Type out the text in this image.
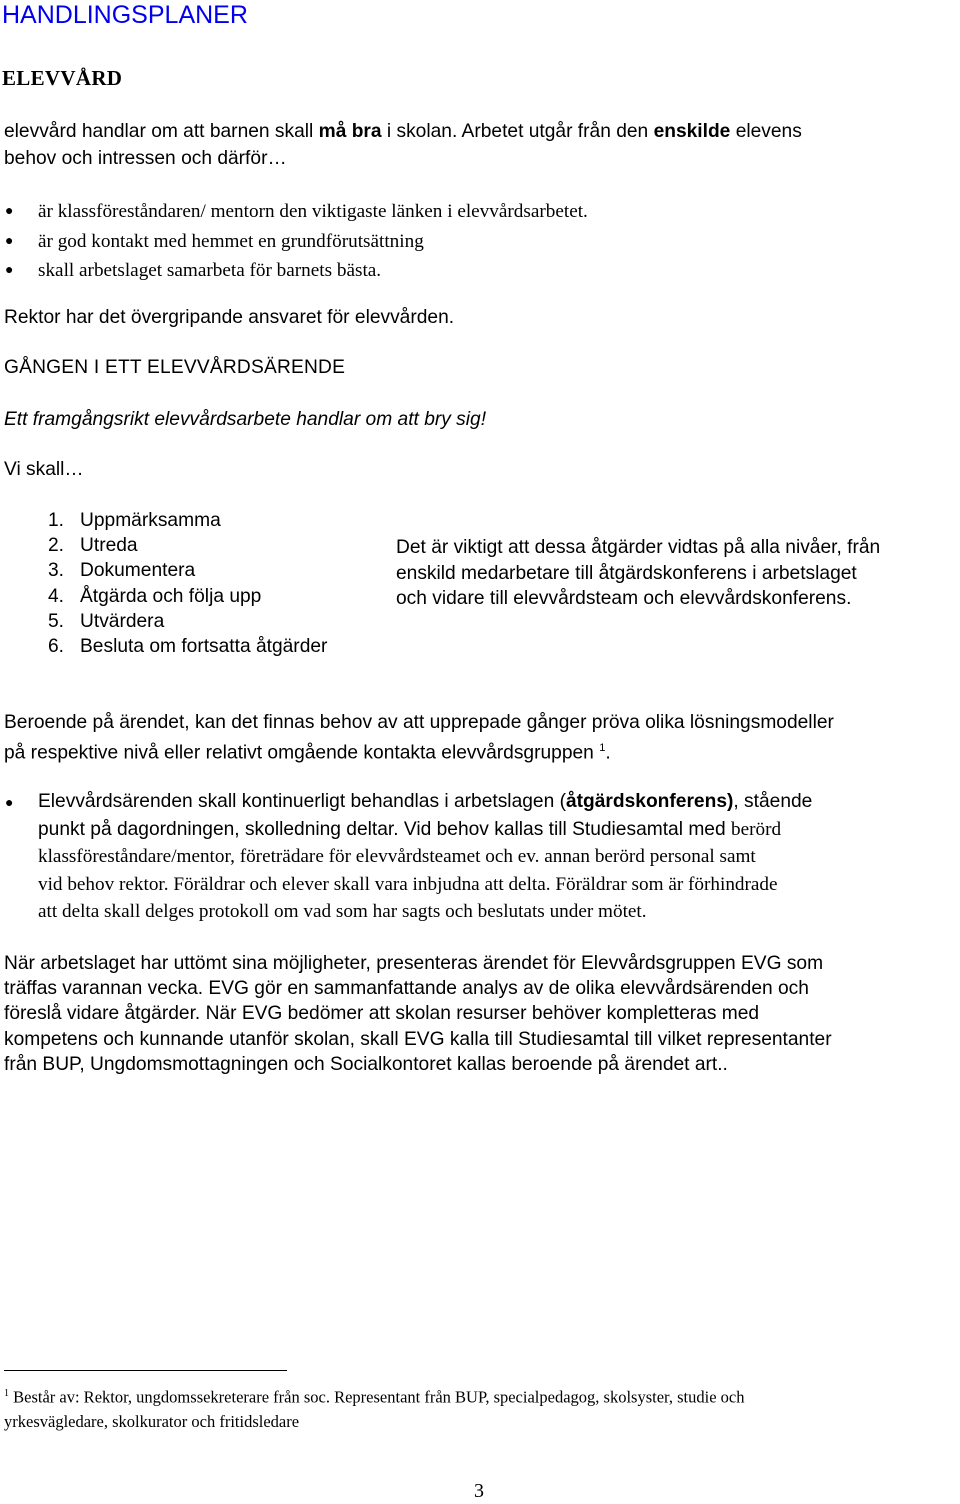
HANDLINGSPLANER
ELEVVÅRD
elevvård handlar om att barnen skall må bra i skolan. Arbetet utgår från den enskilde elevens
behov och intressen och därför…
● är klassföreståndaren/ mentorn den viktigaste länken i elevvårdsarbetet.
● är god kontakt med hemmet en grundförutsättning
● skall arbetslaget samarbeta för barnets bästa.
Rektor har det övergripande ansvaret för elevvården.
GÅNGEN I ETT ELEVVÅRDSÄRENDE
Ett framgångsrikt elevvårdsarbete handlar om att bry sig!
Vi skall…
1. Uppmärksamma
2. Utreda
3. Dokumentera
4. Åtgärda och följa upp
5. Utvärdera
6. Besluta om fortsatta åtgärder
Det är viktigt att dessa åtgärder vidtas på alla nivåer, från
enskild medarbetare till åtgärdskonferens i arbetslaget
och vidare till elevvårdsteam och elevvårdskonferens.
Beroende på ärendet, kan det finnas behov av att upprepade gånger pröva olika lösningsmodeller
på respektive nivå eller relativt omgående kontakta elevvårdsgruppen $^1$.
● Elevvårdsärenden skall kontinuerligt behandlas i arbetslagen (åtgärdskonferens), stående
punkt på dagordningen, skolledning deltar. Vid behov kallas till Studiesamtal med berörd
klassföreståndare/mentor, företrädare för elevvårdsteamet och ev. annan berörd personal samt
vid behov rektor. Föräldrar och elever skall vara inbjudna att delta. Föräldrar som är förhindrade
att delta skall delges protokoll om vad som har sagts och beslutats under mötet.
När arbetslaget har uttömt sina möjligheter, presenteras ärendet för Elevvårdsgruppen EVG som
träffas varannan vecka. EVG gör en sammanfattande analys av de olika elevvårdsärenden och
föreslå vidare åtgärder. När EVG bedömer att skolan resurser behöver kompletteras med
kompetens och kunnande utanför skolan, skall EVG kalla till Studiesamtal till vilket representanter
från BUP, Ungdomsmottagningen och Socialkontoret kallas beroende på ärendet art..
$^1$ Består av: Rektor, ungdomssekreterare från soc. Representant från BUP, specialpedagog, skolsyster, studie och
yrkesvägledare, skolkurator och fritidsledare
3
